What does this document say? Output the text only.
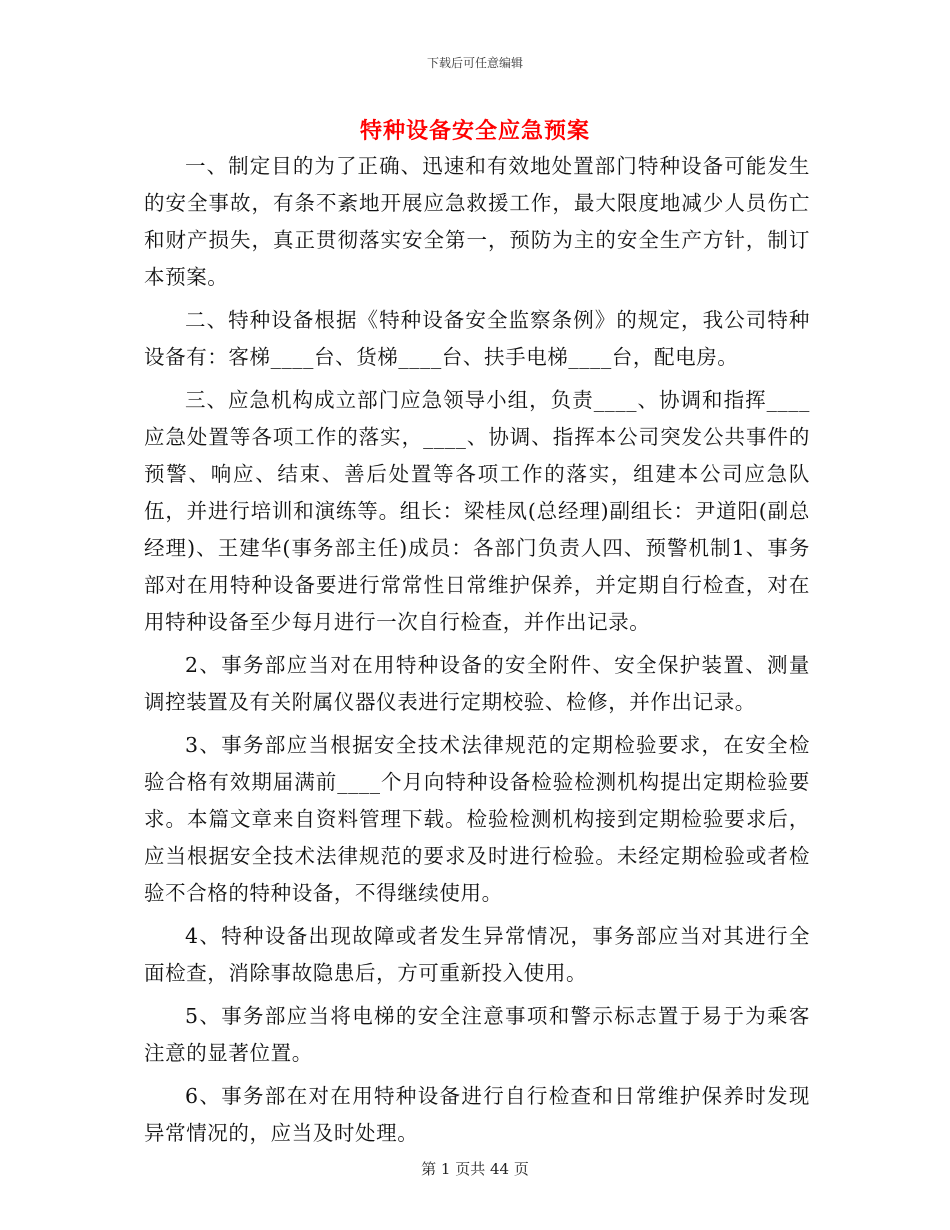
下载后可任意编辑
特种设备安全应急预案

一、制定目的为了正确、迅速和有效地处置部门特种设备可能发生的安全事故，有条不紊地开展应急救援工作，最大限度地减少人员伤亡和财产损失，真正贯彻落实安全第一，预防为主的安全生产方针，制订本预案。

二、特种设备根据《特种设备安全监察条例》的规定，我公司特种设备有：客梯____台、货梯____台、扶手电梯____台，配电房。

三、应急机构成立部门应急领导小组，负责____、协调和指挥____应急处置等各项工作的落实，____、协调、指挥本公司突发公共事件的预警、响应、结束、善后处置等各项工作的落实，组建本公司应急队伍，并进行培训和演练等。组长：梁桂凤(总经理)副组长：尹道阳(副总经理)、王建华(事务部主任)成员：各部门负责人四、预警机制1、事务部对在用特种设备要进行常常性日常维护保养，并定期自行检查，对在用特种设备至少每月进行一次自行检查，并作出记录。

2、事务部应当对在用特种设备的安全附件、安全保护装置、测量调控装置及有关附属仪器仪表进行定期校验、检修，并作出记录。

3、事务部应当根据安全技术法律规范的定期检验要求，在安全检验合格有效期届满前____个月向特种设备检验检测机构提出定期检验要求。本篇文章来自资料管理下载。检验检测机构接到定期检验要求后，应当根据安全技术法律规范的要求及时进行检验。未经定期检验或者检验不合格的特种设备，不得继续使用。

4、特种设备出现故障或者发生异常情况，事务部应当对其进行全面检查，消除事故隐患后，方可重新投入使用。

5、事务部应当将电梯的安全注意事项和警示标志置于易于为乘客注意的显著位置。

6、事务部在对在用特种设备进行自行检查和日常维护保养时发现异常情况的，应当及时处理。

第 1 页共 44 页
